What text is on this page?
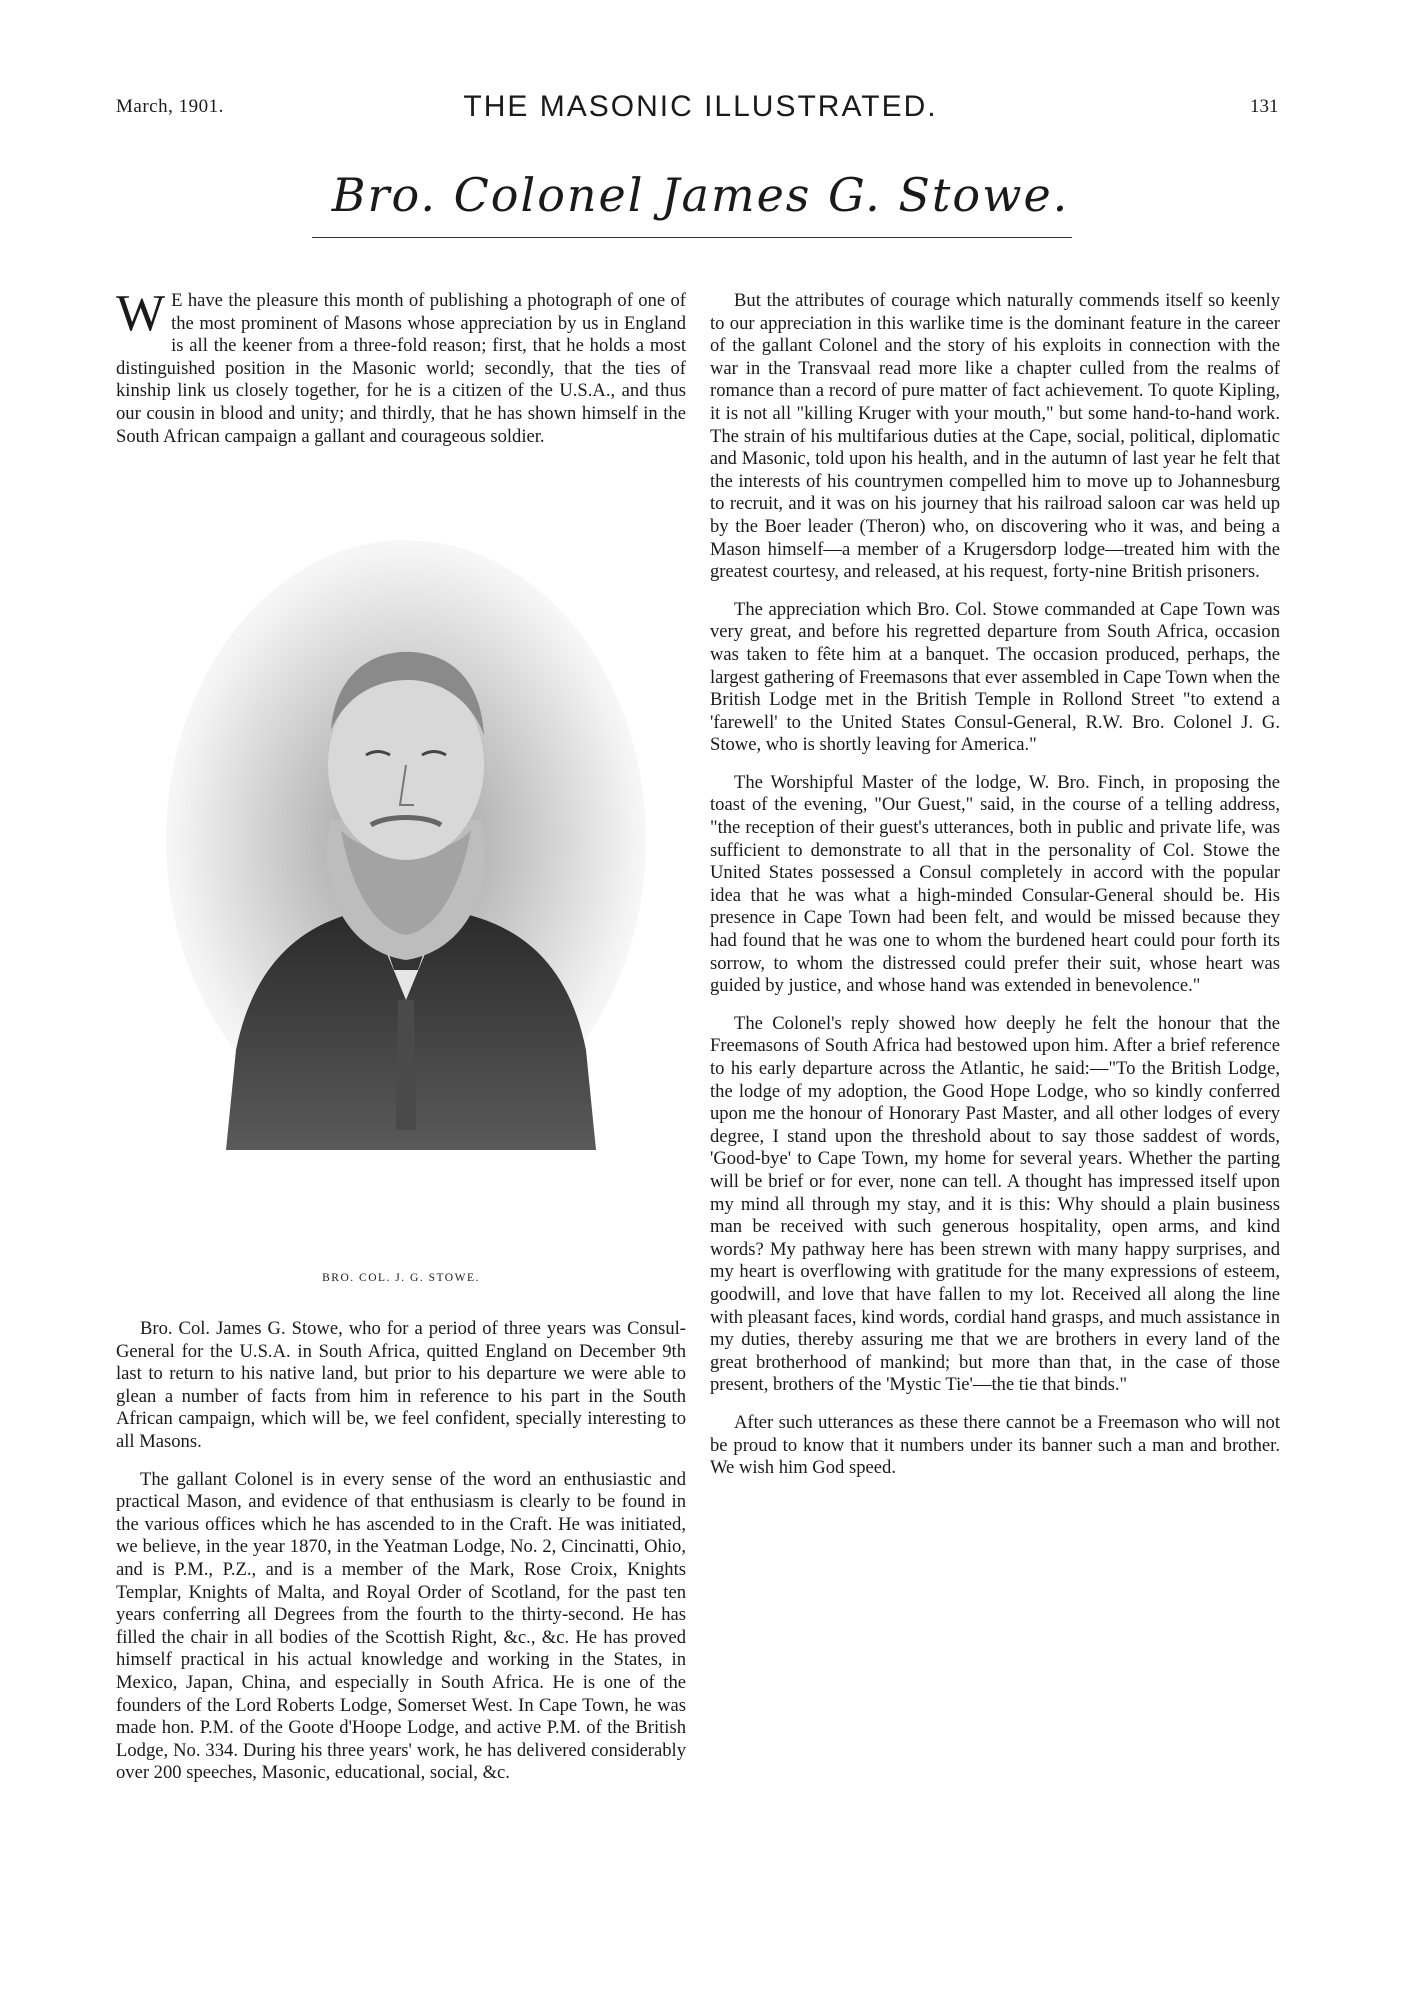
March, 1901.	THE MASONIC ILLUSTRATED.	131
Bro. Colonel James G. Stowe.

W E have the pleasure this month of publishing a photograph of one of the most prominent of Masons whose appreciation by us in England is all the keener from a three-fold reason; first, that he holds a most distinguished position in the Masonic world; secondly, that the ties of kinship link us closely together, for he is a citizen of the U.S.A., and thus our cousin in blood and unity; and thirdly, that he has shown himself in the South African campaign a gallant and courageous soldier.

BRO. COL. J. G. STOWE.

Bro. Col. James G. Stowe, who for a period of three years was Consul-General for the U.S.A. in South Africa, quitted England on December 9th last to return to his native land, but prior to his departure we were able to glean a number of facts from him in reference to his part in the South African campaign, which will be, we feel confident, specially interesting to all Masons.

The gallant Colonel is in every sense of the word an enthusiastic and practical Mason, and evidence of that enthusiasm is clearly to be found in the various offices which he has ascended to in the Craft. He was initiated, we believe, in the year 1870, in the Yeatman Lodge, No. 2, Cincinatti, Ohio, and is P.M., P.Z., and is a member of the Mark, Rose Croix, Knights Templar, Knights of Malta, and Royal Order of Scotland, for the past ten years conferring all Degrees from the fourth to the thirty-second. He has filled the chair in all bodies of the Scottish Right, &c., &c. He has proved himself practical in his actual knowledge and working in the States, in Mexico, Japan, China, and especially in South Africa. He is one of the founders of the Lord Roberts Lodge, Somerset West. In Cape Town, he was made hon. P.M. of the Goote d'Hoope Lodge, and active P.M. of the British Lodge, No. 334. During his three years' work, he has delivered considerably over 200 speeches, Masonic, educational, social, &c.

But the attributes of courage which naturally commends itself so keenly to our appreciation in this warlike time is the dominant feature in the career of the gallant Colonel and the story of his exploits in connection with the war in the Transvaal read more like a chapter culled from the realms of romance than a record of pure matter of fact achievement. To quote Kipling, it is not all "killing Kruger with your mouth," but some hand-to-hand work. The strain of his multifarious duties at the Cape, social, political, diplomatic and Masonic, told upon his health, and in the autumn of last year he felt that the interests of his countrymen compelled him to move up to Johannesburg to recruit, and it was on his journey that his railroad saloon car was held up by the Boer leader (Theron) who, on discovering who it was, and being a Mason himself—a member of a Krugersdorp lodge—treated him with the greatest courtesy, and released, at his request, forty-nine British prisoners.

The appreciation which Bro. Col. Stowe commanded at Cape Town was very great, and before his regretted departure from South Africa, occasion was taken to fête him at a banquet. The occasion produced, perhaps, the largest gathering of Freemasons that ever assembled in Cape Town when the British Lodge met in the British Temple in Rollond Street "to extend a 'farewell' to the United States Consul-General, R.W. Bro. Colonel J. G. Stowe, who is shortly leaving for America."

The Worshipful Master of the lodge, W. Bro. Finch, in proposing the toast of the evening, "Our Guest," said, in the course of a telling address, "the reception of their guest's utterances, both in public and private life, was sufficient to demonstrate to all that in the personality of Col. Stowe the United States possessed a Consul completely in accord with the popular idea that he was what a high-minded Consular-General should be. His presence in Cape Town had been felt, and would be missed because they had found that he was one to whom the burdened heart could pour forth its sorrow, to whom the distressed could prefer their suit, whose heart was guided by justice, and whose hand was extended in benevolence."

The Colonel's reply showed how deeply he felt the honour that the Freemasons of South Africa had bestowed upon him. After a brief reference to his early departure across the Atlantic, he said:—"To the British Lodge, the lodge of my adoption, the Good Hope Lodge, who so kindly conferred upon me the honour of Honorary Past Master, and all other lodges of every degree, I stand upon the threshold about to say those saddest of words, 'Good-bye' to Cape Town, my home for several years. Whether the parting will be brief or for ever, none can tell. A thought has impressed itself upon my mind all through my stay, and it is this: Why should a plain business man be received with such generous hospitality, open arms, and kind words? My pathway here has been strewn with many happy surprises, and my heart is overflowing with gratitude for the many expressions of esteem, goodwill, and love that have fallen to my lot. Received all along the line with pleasant faces, kind words, cordial hand grasps, and much assistance in my duties, thereby assuring me that we are brothers in every land of the great brotherhood of mankind; but more than that, in the case of those present, brothers of the 'Mystic Tie'—the tie that binds."

After such utterances as these there cannot be a Freemason who will not be proud to know that it numbers under its banner such a man and brother. We wish him God speed.
